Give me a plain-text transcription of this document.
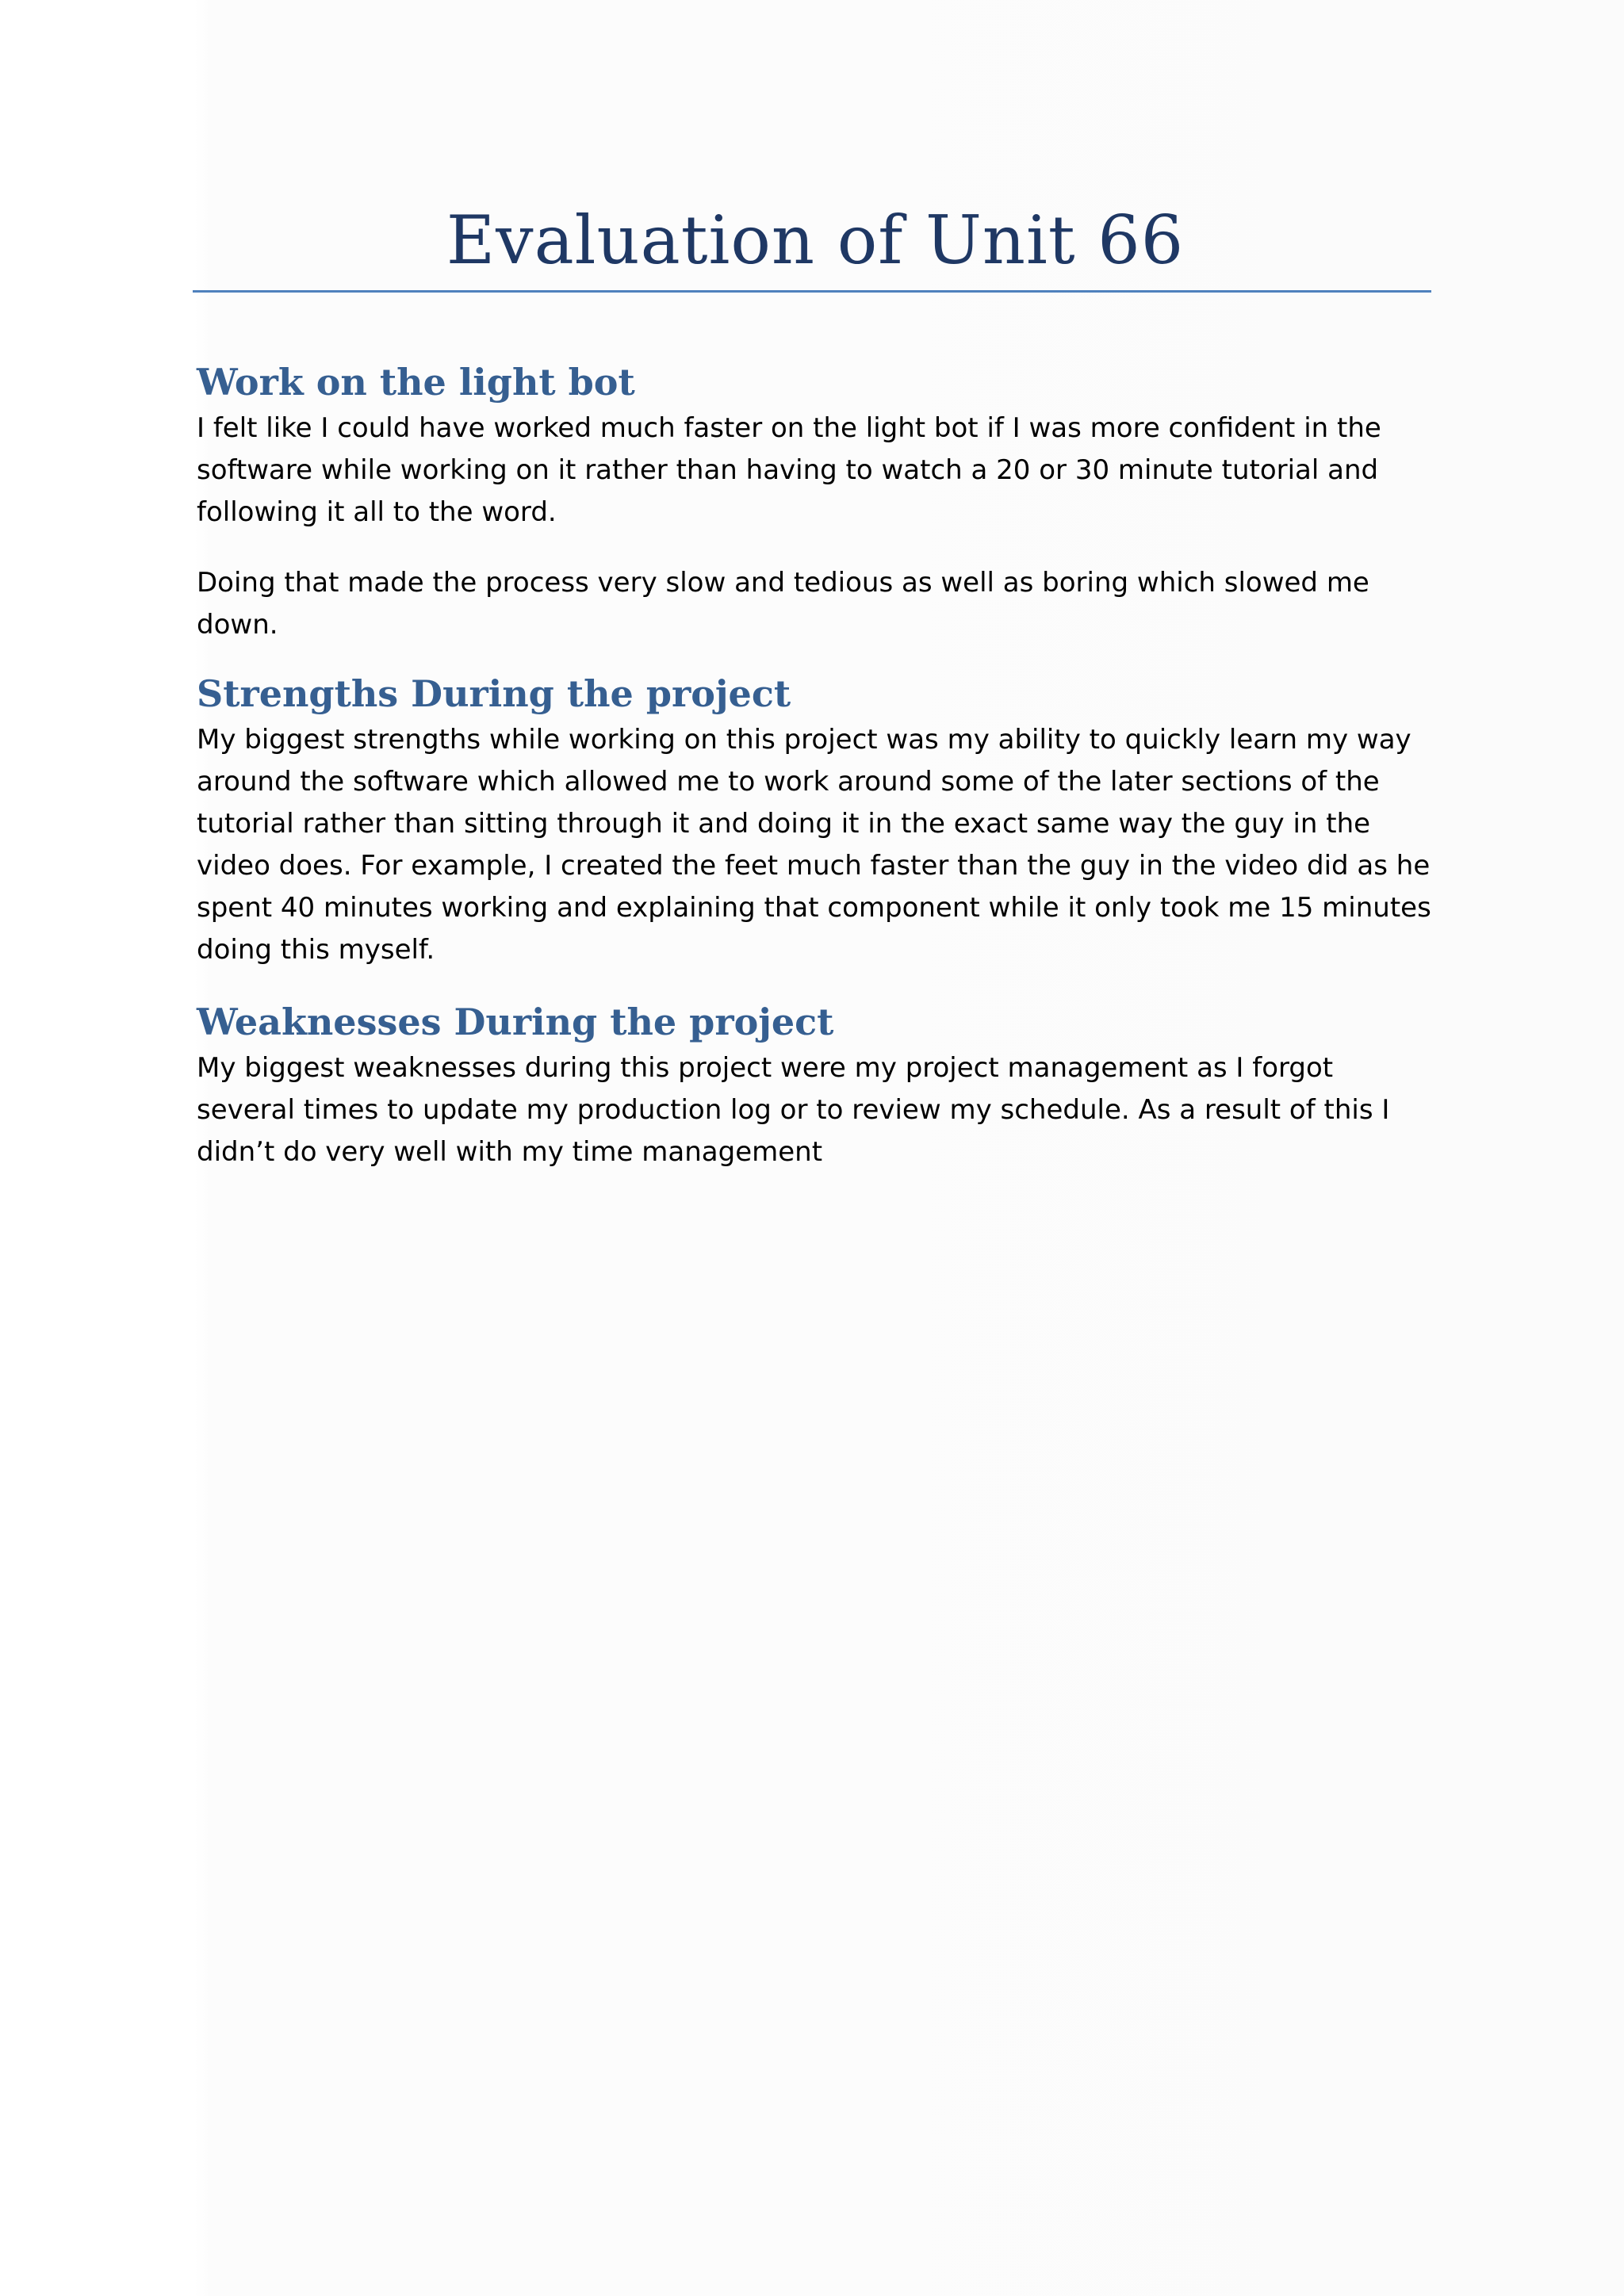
Evaluation of Unit 66
Work on the light bot

I felt like I could have worked much faster on the light bot if I was more confident in the software while working on it rather than having to watch a 20 or 30 minute tutorial and following it all to the word.

Doing that made the process very slow and tedious as well as boring which slowed me down.

Strengths During the project

My biggest strengths while working on this project was my ability to quickly learn my way around the software which allowed me to work around some of the later sections of the tutorial rather than sitting through it and doing it in the exact same way the guy in the video does. For example, I created the feet much faster than the guy in the video did as he spent 40 minutes working and explaining that component while it only took me 15 minutes doing this myself.

Weaknesses During the project

My biggest weaknesses during this project were my project management as I forgot several times to update my production log or to review my schedule. As a result of this I didn’t do very well with my time management
